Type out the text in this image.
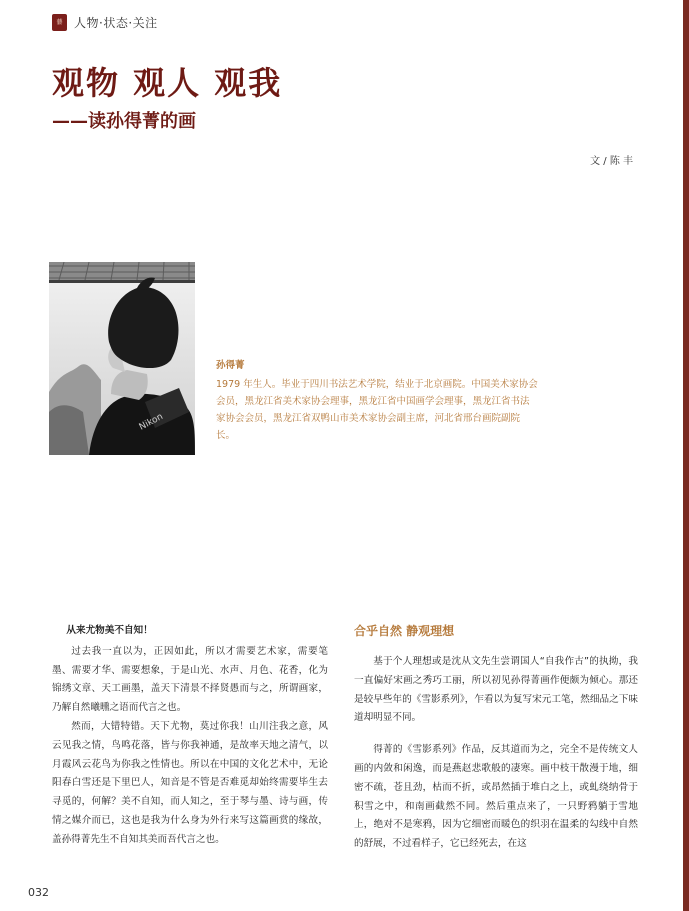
藝 人物·状态·关注
观物 观人 观我
——读孙得菁的画
文 / 陈 丰
Nikon
孙得菁
1979 年生人。毕业于四川书法艺术学院，结业于北京画院。中国美术家协会会员，黑龙江省美术家协会理事，黑龙江省中国画学会理事，黑龙江省书法家协会会员，黑龙江省双鸭山市美术家协会副主席，河北省邢台画院副院长。

从来尤物美不自知！

过去我一直以为，正因如此，所以才需要艺术家，需要笔墨、需要才华、需要想象，于是山光、水声、月色、花香，化为锦绣文章、天工画墨，盖天下清景不择贤愚而与之，所谓画家，乃解自然曦曛之语而代言之也。

然而，大错特错。天下尤物，莫过你我！山川注我之意，风云见我之情，鸟鸣花落，皆与你我神通，是故率天地之清气，以月霞风云花鸟为你我之性情也。所以在中国的文化艺术中，无论阳春白雪还是下里巴人，知音是不管是否难觅却始终需要毕生去寻觅的，何解？美不自知，而人知之，至于琴与墨、诗与画，传情之媒介而已，这也是我为什么身为外行来写这篇画赏的缘故，盖孙得菁先生不自知其美而吾代言之也。

合乎自然 静观理想

基于个人理想或是沈从文先生尝谓国人“自我作古”的执拗，我一直偏好宋画之秀巧工丽，所以初见孙得菁画作便颇为倾心。那还是较早些年的《雪影系列》，乍看以为复写宋元工笔，然细品之下味道却明显不同。

得菁的《雪影系列》作品，反其道而为之，完全不是传统文人画的内敛和闲逸，而是燕赵悲歌般的凄寒。画中枝干散漫于地，细密不疏，苍且劲，枯而不折，或昂然插于堆白之上，或虬绕纳骨于积雪之中，和南画截然不同。然后重点来了，一只野鸦躺于雪地上，绝对不是寒鸦，因为它细密而暖色的织羽在温柔的勾线中自然的舒展，不过看样子，它已经死去，在这

032
